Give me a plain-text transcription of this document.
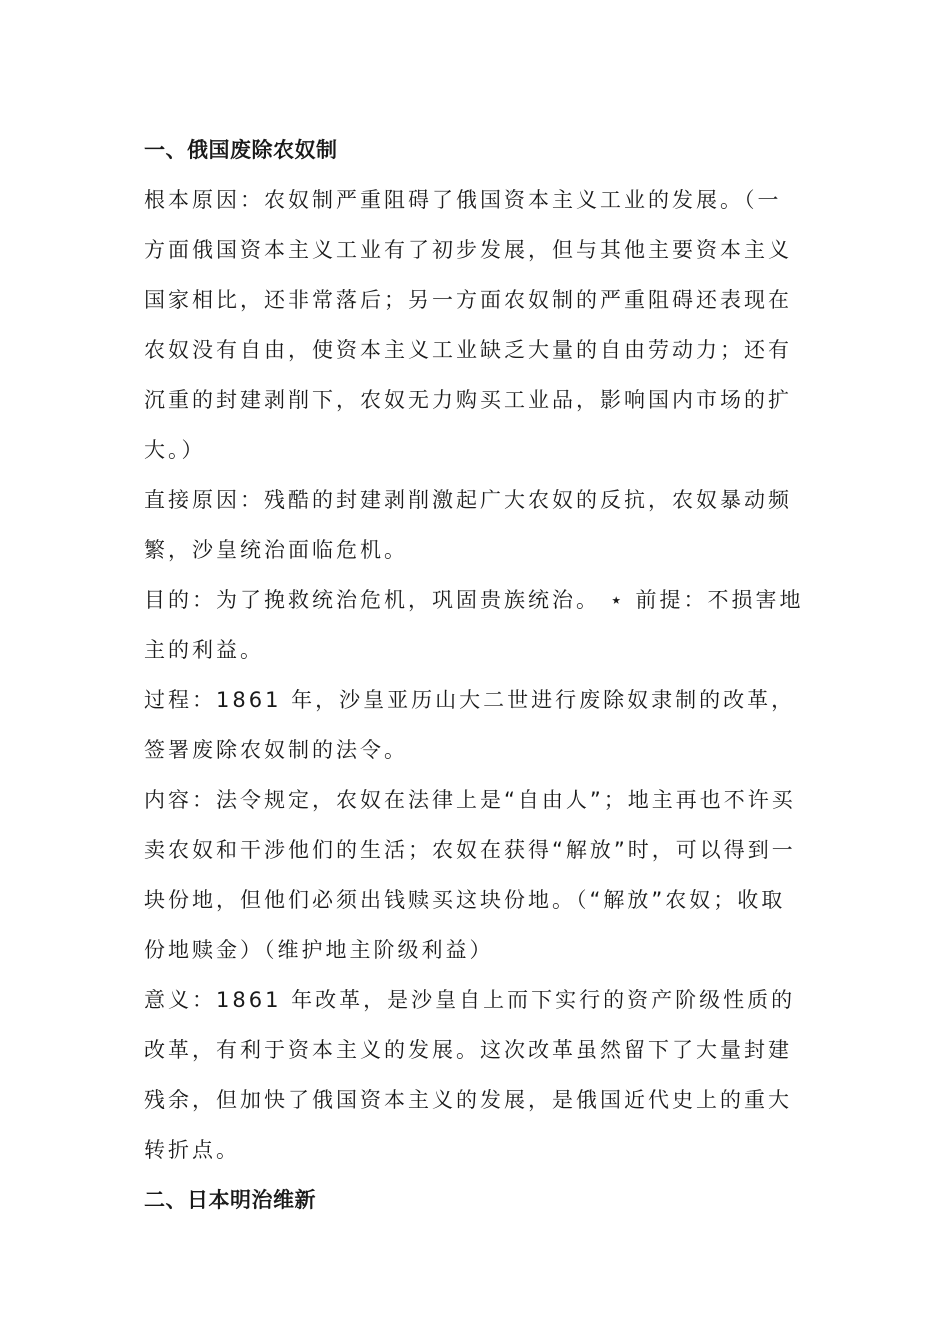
一、俄国废除农奴制

根本原因：农奴制严重阻碍了俄国资本主义工业的发展。（一
方面俄国资本主义工业有了初步发展，但与其他主要资本主义
国家相比，还非常落后；另一方面农奴制的严重阻碍还表现在
农奴没有自由，使资本主义工业缺乏大量的自由劳动力；还有
沉重的封建剥削下，农奴无力购买工业品，影响国内市场的扩
大。）

直接原因：残酷的封建剥削激起广大农奴的反抗，农奴暴动频
繁，沙皇统治面临危机。

目的：为了挽救统治危机，巩固贵族统治。 ⋆ 前提：不损害地
主的利益。

过程：1861 年，沙皇亚历山大二世进行废除奴隶制的改革，
签署废除农奴制的法令。

内容：法令规定，农奴在法律上是“自由人”；地主再也不许买
卖农奴和干涉他们的生活；农奴在获得“解放”时，可以得到一
块份地，但他们必须出钱赎买这块份地。（“解放”农奴；收取
份地赎金）（维护地主阶级利益）

意义：1861 年改革，是沙皇自上而下实行的资产阶级性质的
改革，有利于资本主义的发展。这次改革虽然留下了大量封建
残余，但加快了俄国资本主义的发展，是俄国近代史上的重大
转折点。

二、日本明治维新
